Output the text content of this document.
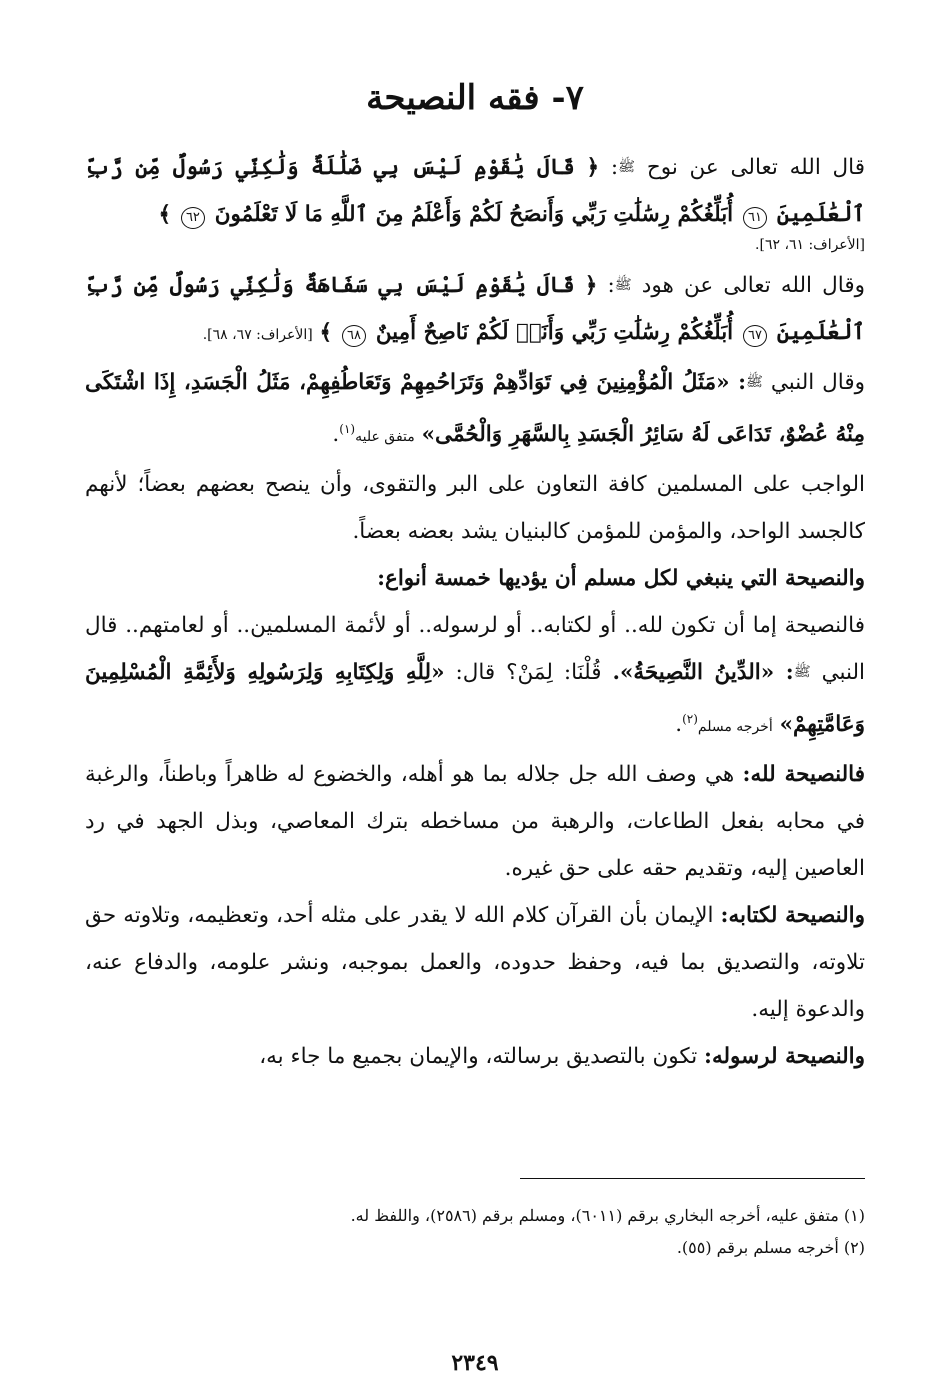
٧- فقه النصيحة

قال الله تعالى عن نوح $^ﷺ$: ﴿ قَالَ يَٰقَوْمِ لَيْسَ بِي ضَلَٰلَةٌ وَلَٰكِنِّي رَسُولٌ مِّن رَّبِّ ٱلْعَٰلَمِينَ ٦١ أُبَلِّغُكُمْ رِسَٰلَٰتِ رَبِّي وَأَنصَحُ لَكُمْ وَأَعْلَمُ مِنَ ٱللَّهِ مَا لَا تَعْلَمُونَ ٦٢ ﴾

[الأعراف: ٦١، ٦٢].

وقال الله تعالى عن هود $^ﷺ$: ﴿ قَالَ يَٰقَوْمِ لَيْسَ بِي سَفَاهَةٌ وَلَٰكِنِّي رَسُولٌ مِّن رَّبِّ ٱلْعَٰلَمِينَ ٦٧ أُبَلِّغُكُمْ رِسَٰلَٰتِ رَبِّي وَأَنَا۠ لَكُمْ نَاصِحٌ أَمِينٌ ٦٨ ﴾ [الأعراف: ٦٧، ٦٨].

وقال النبي $^ﷺ$: «مَثَلُ الْمُؤْمِنِينَ فِي تَوَادِّهِمْ وَتَرَاحُمِهِمْ وَتَعَاطُفِهِمْ، مَثَلُ الْجَسَدِ، إِذَا اشْتَكَى مِنْهُ عُضْوٌ، تَدَاعَى لَهُ سَائِرُ الْجَسَدِ بِالسَّهَرِ وَالْحُمَّى» متفق عليه$^{(١)}$.

الواجب على المسلمين كافة التعاون على البر والتقوى، وأن ينصح بعضهم بعضاً؛ لأنهم كالجسد الواحد، والمؤمن للمؤمن كالبنيان يشد بعضه بعضاً.

والنصيحة التي ينبغي لكل مسلم أن يؤديها خمسة أنواع:

فالنصيحة إما أن تكون لله.. أو لكتابه.. أو لرسوله.. أو لأئمة المسلمين.. أو لعامتهم.. قال النبي $^ﷺ$: «الدِّينُ النَّصِيحَةُ». قُلْنَا: لِمَنْ؟ قال: «لِلَّهِ وَلِكِتَابِهِ وَلِرَسُولِهِ وَلأَئِمَّةِ الْمُسْلِمِينَ وَعَامَّتِهِمْ» أخرجه مسلم$^{(٢)}$.

فالنصيحة لله: هي وصف الله جل جلاله بما هو أهله، والخضوع له ظاهراً وباطناً، والرغبة في محابه بفعل الطاعات، والرهبة من مساخطه بترك المعاصي، وبذل الجهد في رد العاصين إليه، وتقديم حقه على حق غيره.

والنصيحة لكتابه: الإيمان بأن القرآن كلام الله لا يقدر على مثله أحد، وتعظيمه، وتلاوته حق تلاوته، والتصديق بما فيه، وحفظ حدوده، والعمل بموجبه، ونشر علومه، والدفاع عنه، والدعوة إليه.

والنصيحة لرسوله: تكون بالتصديق برسالته، والإيمان بجميع ما جاء به،

(١) متفق عليه، أخرجه البخاري برقم (٦٠١١)، ومسلم برقم (٢٥٨٦)، واللفظ له.
(٢) أخرجه مسلم برقم (٥٥).
٢٣٤٩
